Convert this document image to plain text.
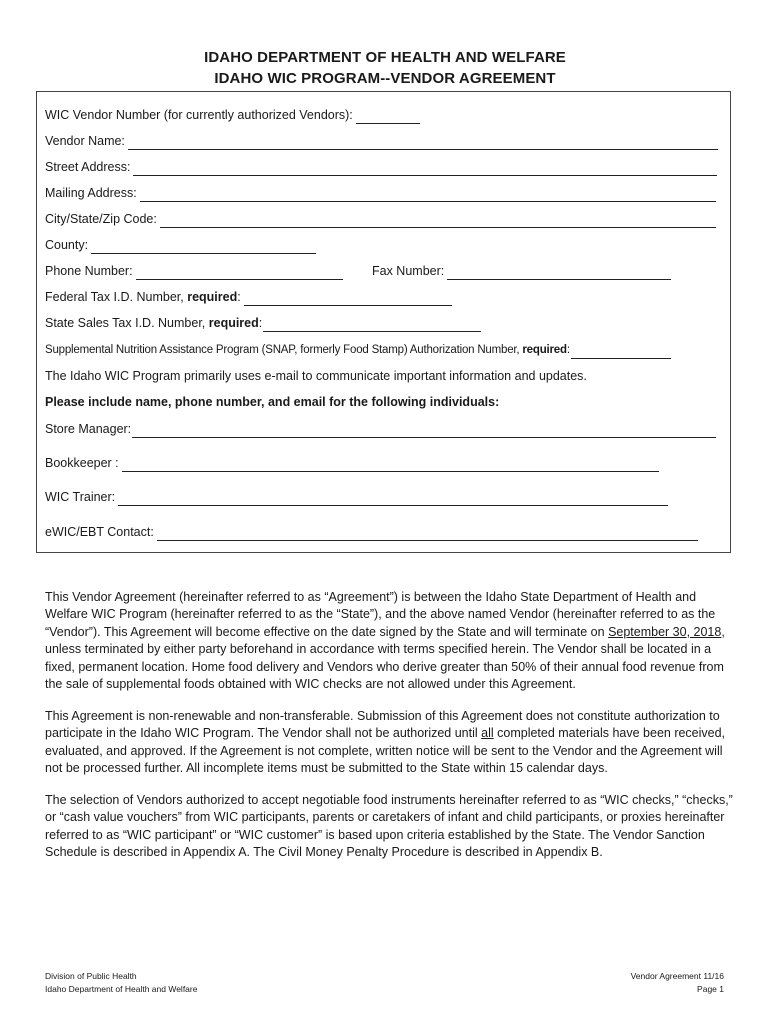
IDAHO DEPARTMENT OF HEALTH AND WELFARE
IDAHO WIC PROGRAM--VENDOR AGREEMENT
WIC Vendor Number (for currently authorized Vendors):
Vendor Name:
Street Address:
Mailing Address:
City/State/Zip Code:
County:
Phone Number:	Fax Number:
Federal Tax I.D. Number,
required :
State Sales Tax I.D. Number,
required :
Supplemental Nutrition Assistance Program (SNAP, formerly Food Stamp) Authorization Number,
required :
The Idaho WIC Program primarily uses e-mail to communicate important information and updates.
Please include name, phone number, and email for the following individuals:
Store Manager:
Bookkeeper :
WIC Trainer:
eWIC/EBT Contact:
This Vendor Agreement (hereinafter referred to as “Agreement”) is between the Idaho State Department of Health and Welfare WIC Program (hereinafter referred to as the “State”), and the above named Vendor (hereinafter referred to as the “Vendor”). This Agreement will become effective on the date signed by the State and will terminate on September 30, 2018, unless terminated by either party beforehand in accordance with terms specified herein. The Vendor shall be located in a fixed, permanent location. Home food delivery and Vendors who derive greater than 50% of their annual food revenue from the sale of supplemental foods obtained with WIC checks are not allowed under this Agreement.
This Agreement is non-renewable and non-transferable. Submission of this Agreement does not constitute authorization to participate in the Idaho WIC Program. The Vendor shall not be authorized until all completed materials have been received, evaluated, and approved. If the Agreement is not complete, written notice will be sent to the Vendor and the Agreement will not be processed further. All incomplete items must be submitted to the State within 15 calendar days.
The selection of Vendors authorized to accept negotiable food instruments hereinafter referred to as “WIC checks,” “checks,” or “cash value vouchers” from WIC participants, parents or caretakers of infant and child participants, or proxies hereinafter referred to as “WIC participant” or “WIC customer” is based upon criteria established by the State. The Vendor Sanction Schedule is described in Appendix A. The Civil Money Penalty Procedure is described in Appendix B.
Division of Public Health
Idaho Department of Health and Welfare
Vendor Agreement 11/16
Page 1
